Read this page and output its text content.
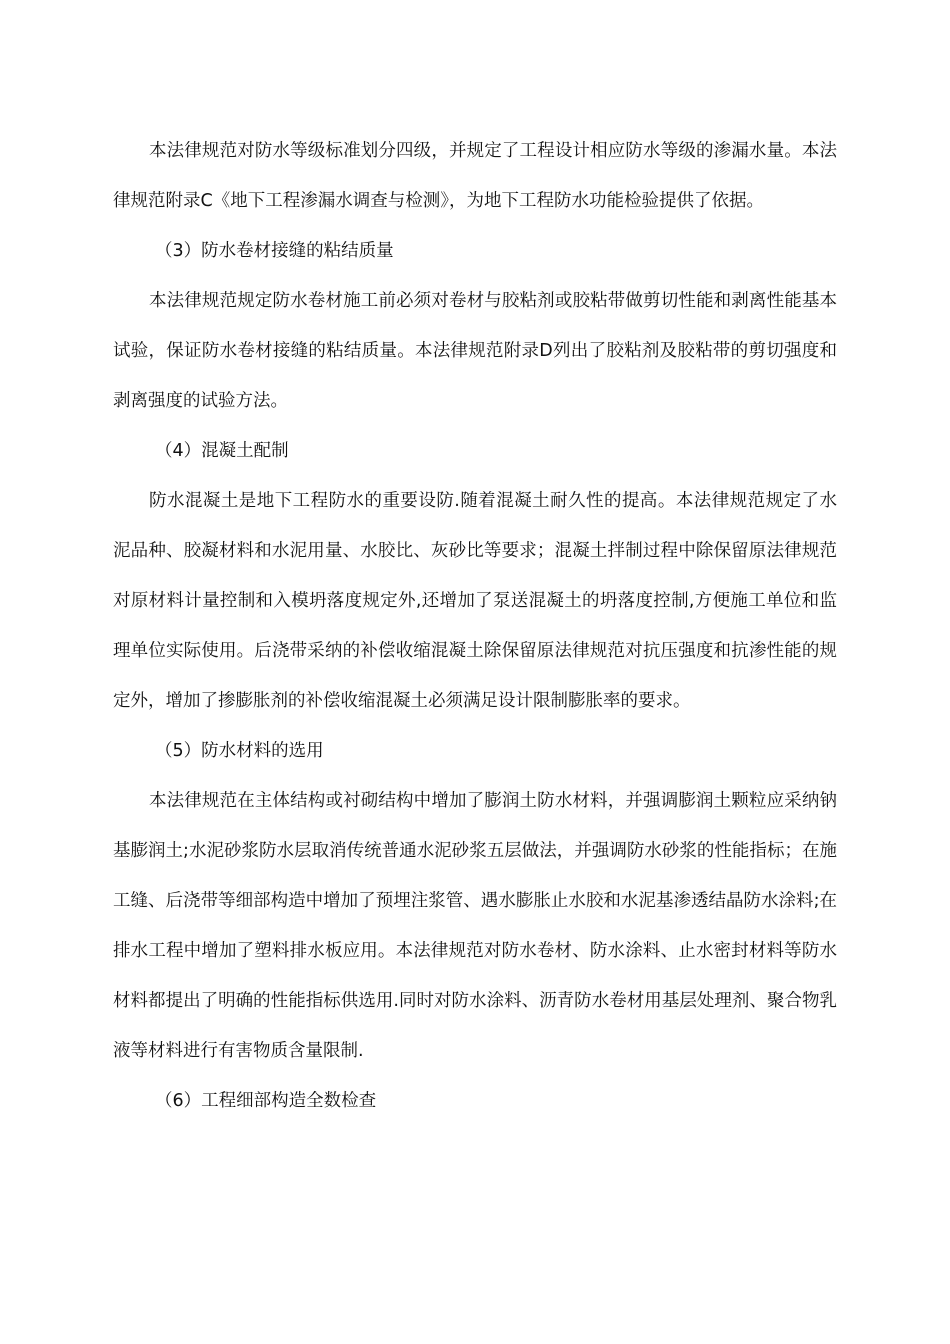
本法律规范对防水等级标准划分四级，并规定了工程设计相应防水等级的渗漏水量。本法律规范附录C《地下工程渗漏水调查与检测》，为地下工程防水功能检验提供了依据。

（3）防水卷材接缝的粘结质量

本法律规范规定防水卷材施工前必须对卷材与胶粘剂或胶粘带做剪切性能和剥离性能基本试验，保证防水卷材接缝的粘结质量。本法律规范附录D列出了胶粘剂及胶粘带的剪切强度和剥离强度的试验方法。

（4）混凝土配制

防水混凝土是地下工程防水的重要设防.随着混凝土耐久性的提高。本法律规范规定了水泥品种、胶凝材料和水泥用量、水胶比、灰砂比等要求；混凝土拌制过程中除保留原法律规范对原材料计量控制和入模坍落度规定外,还增加了泵送混凝土的坍落度控制,方便施工单位和监理单位实际使用。后浇带采纳的补偿收缩混凝土除保留原法律规范对抗压强度和抗渗性能的规定外，增加了掺膨胀剂的补偿收缩混凝土必须满足设计限制膨胀率的要求。

（5）防水材料的选用

本法律规范在主体结构或衬砌结构中增加了膨润土防水材料，并强调膨润土颗粒应采纳钠基膨润土;水泥砂浆防水层取消传统普通水泥砂浆五层做法，并强调防水砂浆的性能指标；在施工缝、后浇带等细部构造中增加了预埋注浆管、遇水膨胀止水胶和水泥基渗透结晶防水涂料;在排水工程中增加了塑料排水板应用。本法律规范对防水卷材、防水涂料、止水密封材料等防水材料都提出了明确的性能指标供选用.同时对防水涂料、沥青防水卷材用基层处理剂、聚合物乳液等材料进行有害物质含量限制.

（6）工程细部构造全数检查
